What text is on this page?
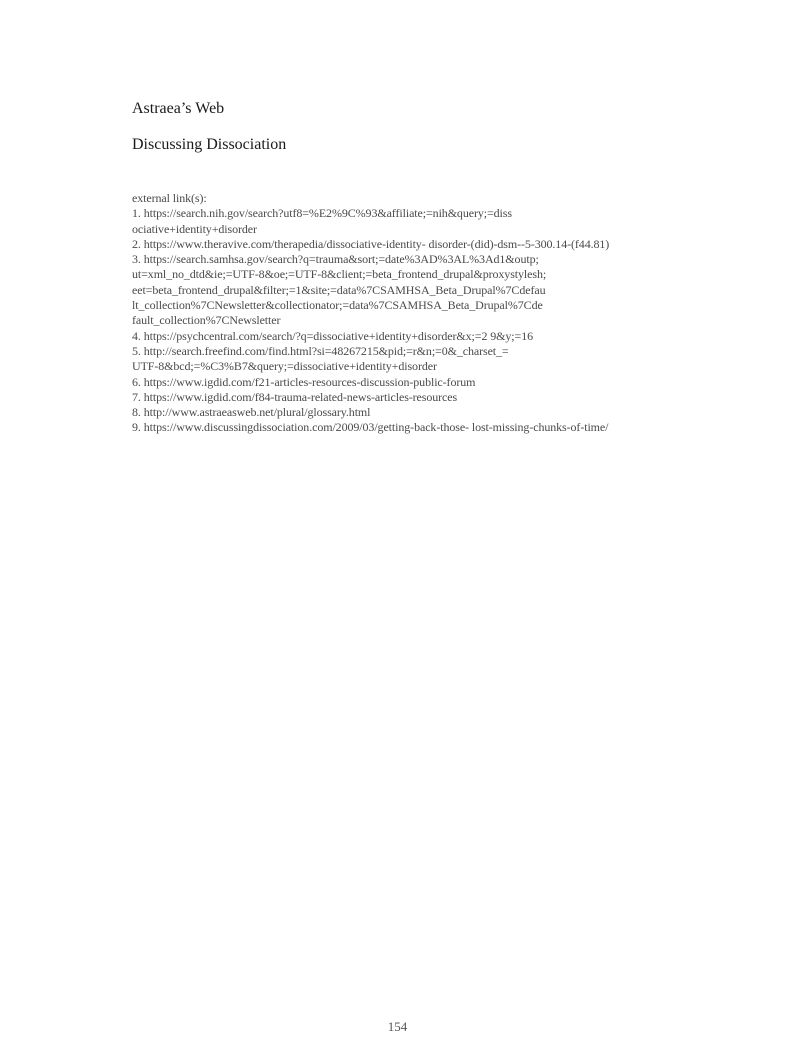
Astraea’s Web
Discussing Dissociation
external link(s):
1. https://search.nih.gov/search?utf8=%E2%9C%93&affiliate;=nih&query;=diss
ociative+identity+disorder
2. https://www.theravive.com/therapedia/dissociative-identity- disorder-(did)-dsm--5-300.14-(f44.81)
3. https://search.samhsa.gov/search?q=trauma&sort;=date%3AD%3AL%3Ad1&outp;
ut=xml_no_dtd&ie;=UTF-8&oe;=UTF-8&client;=beta_frontend_drupal&proxystylesh;
eet=beta_frontend_drupal&filter;=1&site;=data%7CSAMHSA_Beta_Drupal%7Cdefau
lt_collection%7CNewsletter&collectionator;=data%7CSAMHSA_Beta_Drupal%7Cde
fault_collection%7CNewsletter
4. https://psychcentral.com/search/?q=dissociative+identity+disorder&x;=2 9&y;=16
5. http://search.freefind.com/find.html?si=48267215&pid;=r&n;=0&_charset_=
UTF-8&bcd;=%C3%B7&query;=dissociative+identity+disorder
6. https://www.igdid.com/f21-articles-resources-discussion-public-forum
7. https://www.igdid.com/f84-trauma-related-news-articles-resources
8. http://www.astraeasweb.net/plural/glossary.html
9. https://www.discussingdissociation.com/2009/03/getting-back-those- lost-missing-chunks-of-time/
154
